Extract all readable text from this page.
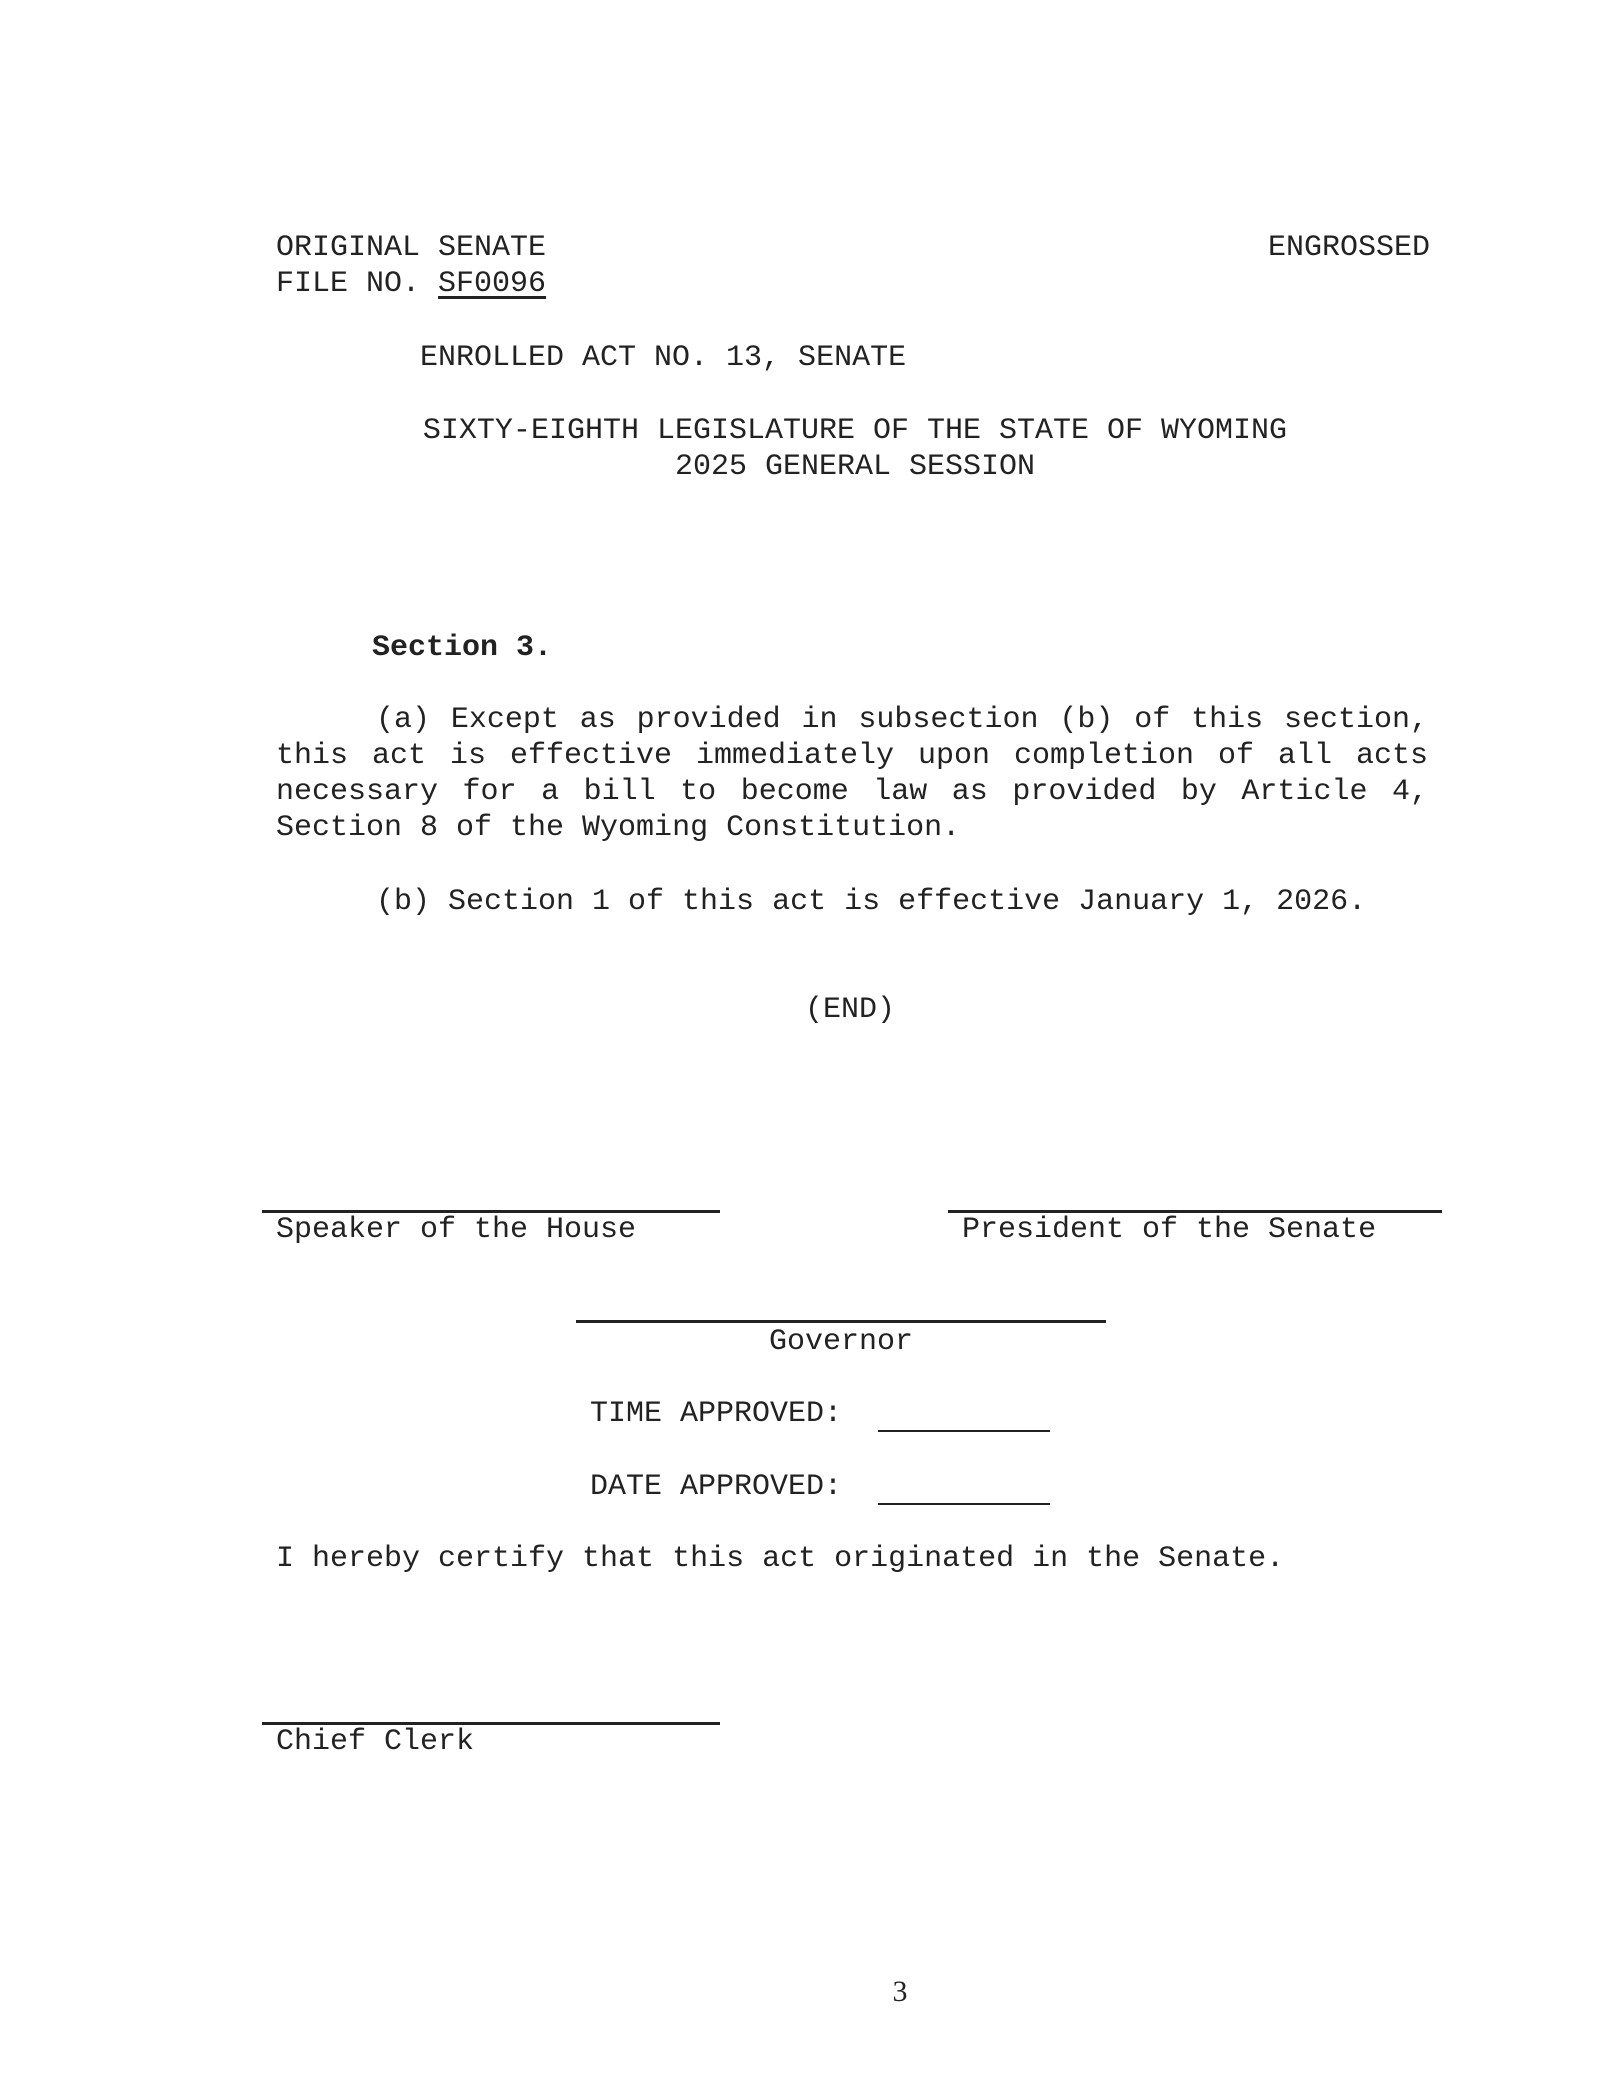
ORIGINAL SENATE
FILE NO. SF0096
ENGROSSED
ENROLLED ACT NO. 13, SENATE
SIXTY-EIGHTH LEGISLATURE OF THE STATE OF WYOMING
2025 GENERAL SESSION
Section 3.
(a) Except as provided in subsection (b) of this section, this act is effective immediately upon completion of all acts necessary for a bill to become law as provided by Article 4, Section 8 of the Wyoming Constitution.
(b) Section 1 of this act is effective January 1, 2026.
(END)
Speaker of the House	President of the Senate
Governor
TIME APPROVED:
DATE APPROVED:
I hereby certify that this act originated in the Senate.
Chief Clerk
3
